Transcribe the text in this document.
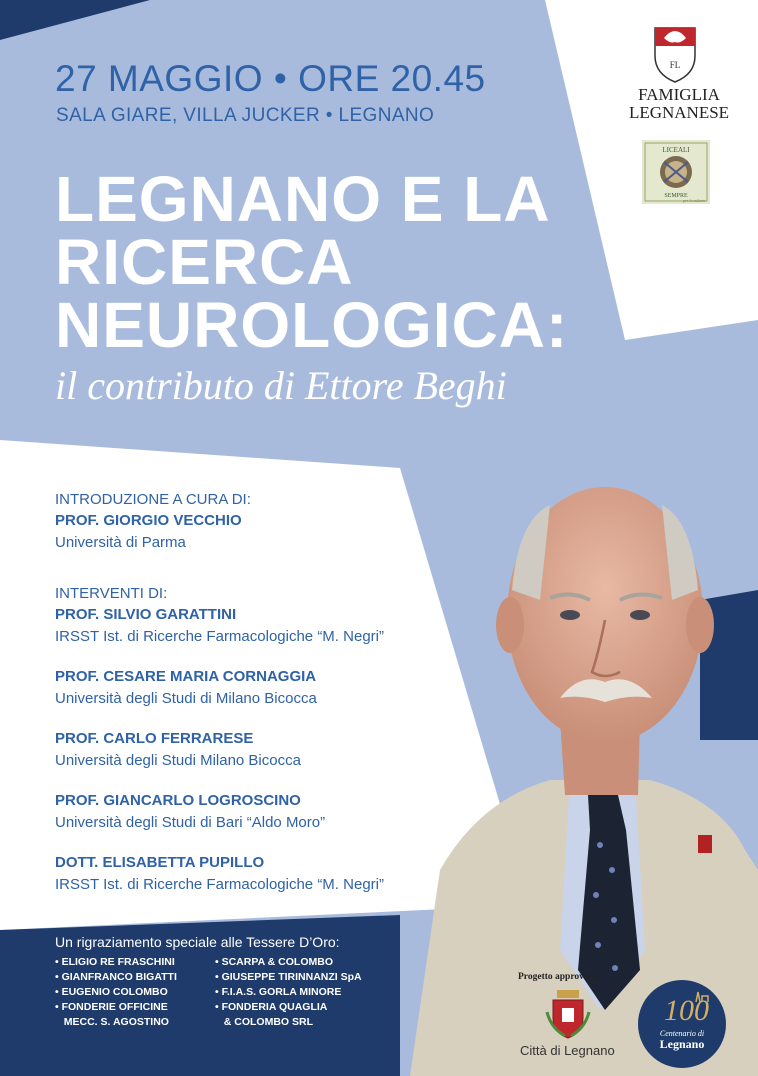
27 MAGGIO • ORE 20.45
SALA GIARE, VILLA JUCKER • LEGNANO
LEGNANO E LA
RICERCA
NEUROLOGICA:
il contributo di Ettore Beghi
FL
FAMIGLIA
LEGNANESE
LICEALI
SEMPRE
per la cultura
INTRODUZIONE A CURA DI:
PROF. GIORGIO VECCHIO
Università di Parma
INTERVENTI DI:
PROF. SILVIO GARATTINI
IRSST Ist. di Ricerche Farmacologiche “M. Negri”
PROF. CESARE MARIA CORNAGGIA
Università degli Studi di Milano Bicocca
PROF. CARLO FERRARESE
Università degli Studi Milano Bicocca
PROF. GIANCARLO LOGROSCINO
Università degli Studi di Bari “Aldo Moro”
DOTT. ELISABETTA PUPILLO
IRSST Ist. di Ricerche Farmacologiche “M. Negri”
Un rigraziamento speciale alle Tessere D’Oro:
• ELIGIO RE FRASCHINI
• GIANFRANCO BIGATTI
• EUGENIO COLOMBO
• FONDERIE OFFICINE
MECC. S. AGOSTINO
• SCARPA & COLOMBO
• GIUSEPPE TIRINNANZI SpA
• F.I.A.S. GORLA MINORE
• FONDERIA QUAGLIA
& COLOMBO SRL
Progetto approvato:
Città di Legnano
100
Centenario di
Legnano
